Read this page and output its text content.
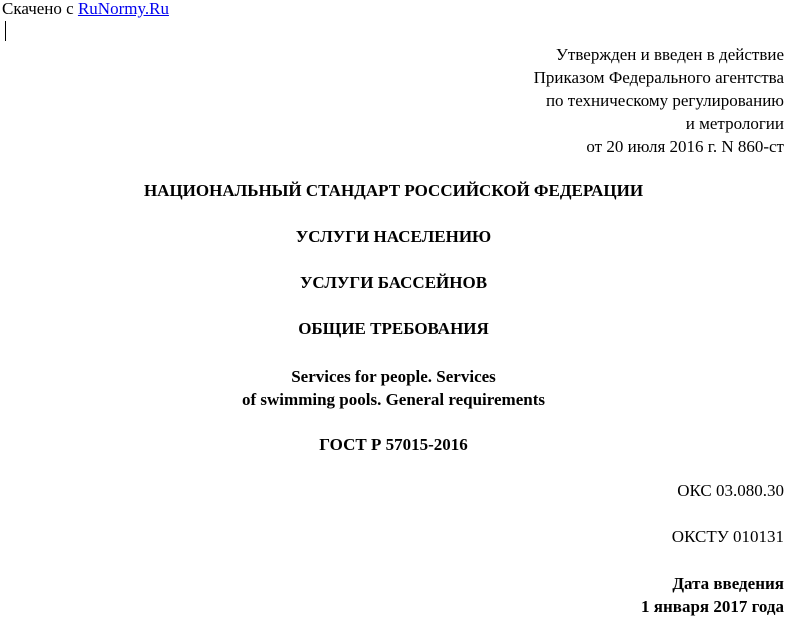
Скачено с RuNormy.Ru
Утвержден и введен в действие
Приказом Федерального агентства
по техническому регулированию
и метрологии
от 20 июля 2016 г. N 860-ст
НАЦИОНАЛЬНЫЙ СТАНДАРТ РОССИЙСКОЙ ФЕДЕРАЦИИ
УСЛУГИ НАСЕЛЕНИЮ
УСЛУГИ БАССЕЙНОВ
ОБЩИЕ ТРЕБОВАНИЯ
Services for people. Services
of swimming pools. General requirements
ГОСТ Р 57015-2016
ОКС 03.080.30
ОКСТУ 010131
Дата введения
1 января 2017 года
